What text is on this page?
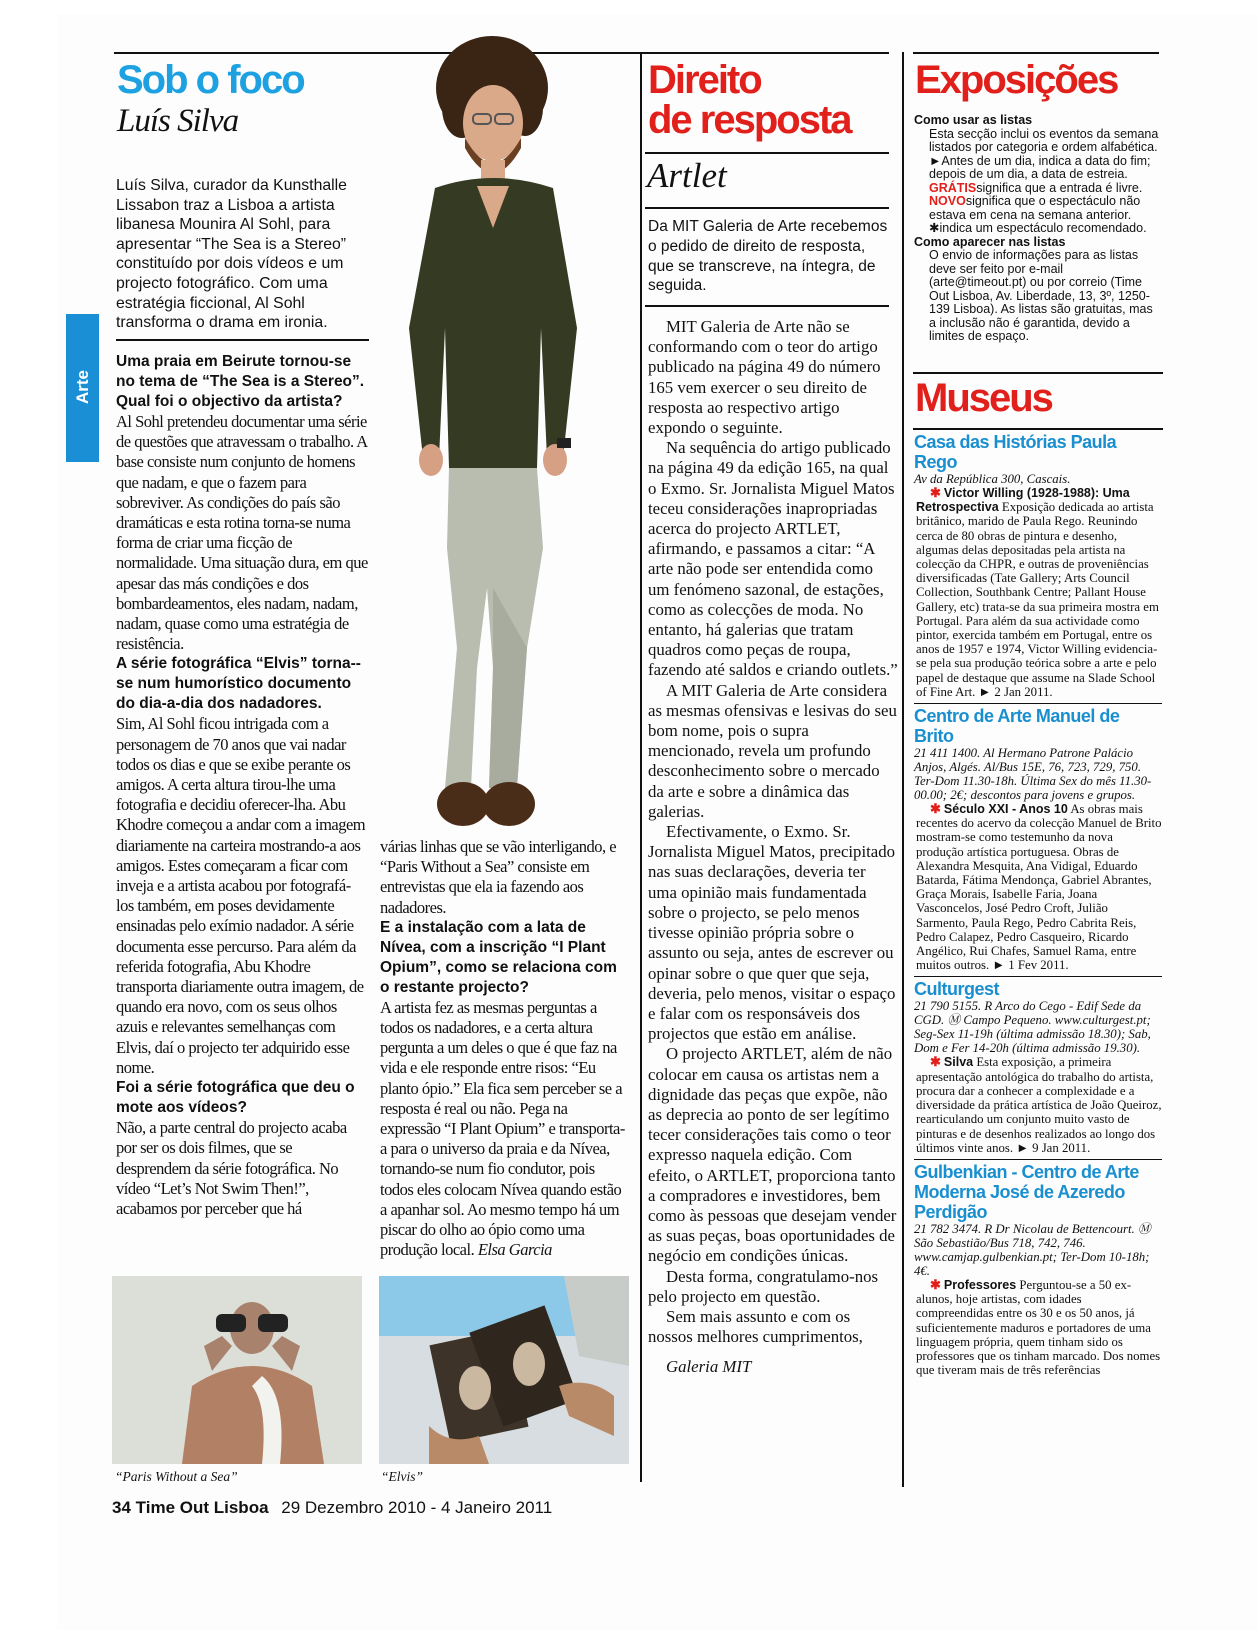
Arte
Sob o foco
Luís Silva
Luís Silva, curador da Kunsthalle Lissabon traz a Lisboa a artista libanesa Mounira Al Sohl, para apresentar “The Sea is a Stereo” constituído por dois vídeos e um projecto fotográfico. Com uma estratégia ficcional, Al Sohl transforma o drama em ironia.

Uma praia em Beirute tornou-se no tema de “The Sea is a Stereo”. Qual foi o objectivo da artista?

Al Sohl pretendeu documentar uma série de questões que atravessam o trabalho. A base consiste num conjunto de homens que nadam, e que o fazem para sobreviver. As condições do país são dramáticas e esta rotina torna-se numa forma de criar uma ficção de normalidade. Uma situação dura, em que apesar das más condições e dos bombardeamentos, eles nadam, nadam, nadam, quase como uma estratégia de resistência.

A série fotográfica “Elvis” torna--se num humorístico documento do dia-a-dia dos nadadores.

Sim, Al Sohl ficou intrigada com a personagem de 70 anos que vai nadar todos os dias e que se exibe perante os amigos. A certa altura tirou-lhe uma fotografia e decidiu oferecer-lha. Abu Khodre começou a andar com a imagem diariamente na carteira mostrando-a aos amigos. Estes começaram a ficar com inveja e a artista acabou por fotografá-los também, em poses devidamente ensinadas pelo exímio nadador. A série documenta esse percurso. Para além da referida fotografia, Abu Khodre transporta diariamente outra imagem, de quando era novo, com os seus olhos azuis e relevantes semelhanças com Elvis, daí o projecto ter adquirido esse nome.

Foi a série fotográfica que deu o mote aos vídeos?

Não, a parte central do projecto acaba por ser os dois filmes, que se desprendem da série fotográfica. No vídeo “Let’s Not Swim Then!”, acabamos por perceber que há

várias linhas que se vão interligando, e “Paris Without a Sea” consiste em entrevistas que ela ia fazendo aos nadadores.

E a instalação com a lata de Nívea, com a inscrição “I Plant Opium”, como se relaciona com o restante projecto?

A artista fez as mesmas perguntas a todos os nadadores, e a certa altura pergunta a um deles o que é que faz na vida e ele responde entre risos: “Eu planto ópio.” Ela fica sem perceber se a resposta é real ou não. Pega na expressão “I Plant Opium” e transporta-a para o universo da praia e da Nívea, tornando-se num fio condutor, pois todos eles colocam Nívea quando estão a apanhar sol. Ao mesmo tempo há um piscar do olho ao ópio como uma produção local. Elsa Garcia

“Paris Without a Sea”	“Elvis”
Direito
de resposta
Artlet
Da MIT Galeria de Arte recebemos o pedido de direito de resposta, que se transcreve, na íntegra, de seguida.

MIT Galeria de Arte não se conformando com o teor do artigo publicado na página 49 do número 165 vem exercer o seu direito de resposta ao respectivo artigo expondo o seguinte.

Na sequência do artigo publicado na página 49 da edição 165, na qual o Exmo. Sr. Jornalista Miguel Matos teceu considerações inapropriadas acerca do projecto ARTLET, afirmando, e passamos a citar: “A arte não pode ser entendida como um fenómeno sazonal, de estações, como as colecções de moda. No entanto, há galerias que tratam quadros como peças de roupa, fazendo até saldos e criando outlets.”

A MIT Galeria de Arte considera as mesmas ofensivas e lesivas do seu bom nome, pois o supra mencionado, revela um profundo desconhecimento sobre o mercado da arte e sobre a dinâmica das galerias.

Efectivamente, o Exmo. Sr. Jornalista Miguel Matos, precipitado nas suas declarações, deveria ter uma opinião mais fundamentada sobre o projecto, se pelo menos tivesse opinião própria sobre o assunto ou seja, antes de escrever ou opinar sobre o que quer que seja, deveria, pelo menos, visitar o espaço e falar com os responsáveis dos projectos que estão em análise.

O projecto ARTLET, além de não colocar em causa os artistas nem a dignidade das peças que expõe, não as deprecia ao ponto de ser legítimo tecer considerações tais como o teor expresso naquela edição. Com efeito, o ARTLET, proporciona tanto a compradores e investidores, bem como às pessoas que desejam vender as suas peças, boas oportunidades de negócio em condições únicas.

Desta forma, congratulamo-nos pelo projecto em questão.

Sem mais assunto e com os nossos melhores cumprimentos,

Galeria MIT

Exposições
Como usar as listas
Esta secção inclui os eventos da semana listados por categoria e ordem alfabética.
►Antes de um dia, indica a data do fim; depois de um dia, a data de estreia.
GRÁTISsignifica que a entrada é livre.
NOVOsignifica que o espectáculo não estava em cena na semana anterior.
✱indica um espectáculo recomendado.
Como aparecer nas listas
O envio de informações para as listas deve ser feito por e-mail (arte@timeout.pt) ou por correio (Time Out Lisboa, Av. Liberdade, 13, 3º, 1250-139 Lisboa). As listas são gratuitas, mas a inclusão não é garantida, devido a limites de espaço.
Museus
Casa das Histórias Paula Rego
Av da República 300, Cascais.
✱ Victor Willing (1928-1988): Uma Retrospectiva Exposição dedicada ao artista britânico, marido de Paula Rego. Reunindo cerca de 80 obras de pintura e desenho, algumas delas depositadas pela artista na colecção da CHPR, e outras de proveniências diversificadas (Tate Gallery; Arts Council Collection, Southbank Centre; Pallant House Gallery, etc) trata-se da sua primeira mostra em Portugal. Para além da sua actividade como pintor, exercida também em Portugal, entre os anos de 1957 e 1974, Victor Willing evidencia-se pela sua produção teórica sobre a arte e pelo papel de destaque que assume na Slade School of Fine Art. ► 2 Jan 2011.
Centro de Arte Manuel de Brito
21 411 1400. Al Hermano Patrone Palácio Anjos, Algés. Al/Bus 15E, 76, 723, 729, 750. Ter-Dom 11.30-18h. Última Sex do mês 11.30-00.00; 2€; descontos para jovens e grupos.
✱ Século XXI - Anos 10 As obras mais recentes do acervo da colecção Manuel de Brito mostram-se como testemunho da nova produção artística portuguesa. Obras de Alexandra Mesquita, Ana Vidigal, Eduardo Batarda, Fátima Mendonça, Gabriel Abrantes, Graça Morais, Isabelle Faria, Joana Vasconcelos, José Pedro Croft, Julião Sarmento, Paula Rego, Pedro Cabrita Reis, Pedro Calapez, Pedro Casqueiro, Ricardo Angélico, Rui Chafes, Samuel Rama, entre muitos outros. ► 1 Fev 2011.
Culturgest
21 790 5155. R Arco do Cego - Edif Sede da CGD. Ⓜ Campo Pequeno. www.culturgest.pt; Seg-Sex 11-19h (última admissão 18.30); Sab, Dom e Fer 14-20h (última admissão 19.30).
✱ Silva Esta exposição, a primeira apresentação antológica do trabalho do artista, procura dar a conhecer a complexidade e a diversidade da prática artística de João Queiroz, rearticulando um conjunto muito vasto de pinturas e de desenhos realizados ao longo dos últimos vinte anos. ► 9 Jan 2011.
Gulbenkian - Centro de Arte Moderna José de Azeredo Perdigão
21 782 3474. R Dr Nicolau de Bettencourt. Ⓜ São Sebastião/Bus 718, 742, 746. www.camjap.gulbenkian.pt; Ter-Dom 10-18h; 4€.
✱ Professores Perguntou-se a 50 ex-alunos, hoje artistas, com idades compreendidas entre os 30 e os 50 anos, já suficientemente maduros e portadores de uma linguagem própria, quem tinham sido os professores que os tinham marcado. Dos nomes que tiveram mais de três referências
34 Time Out Lisboa 29 Dezembro 2010 - 4 Janeiro 2011
